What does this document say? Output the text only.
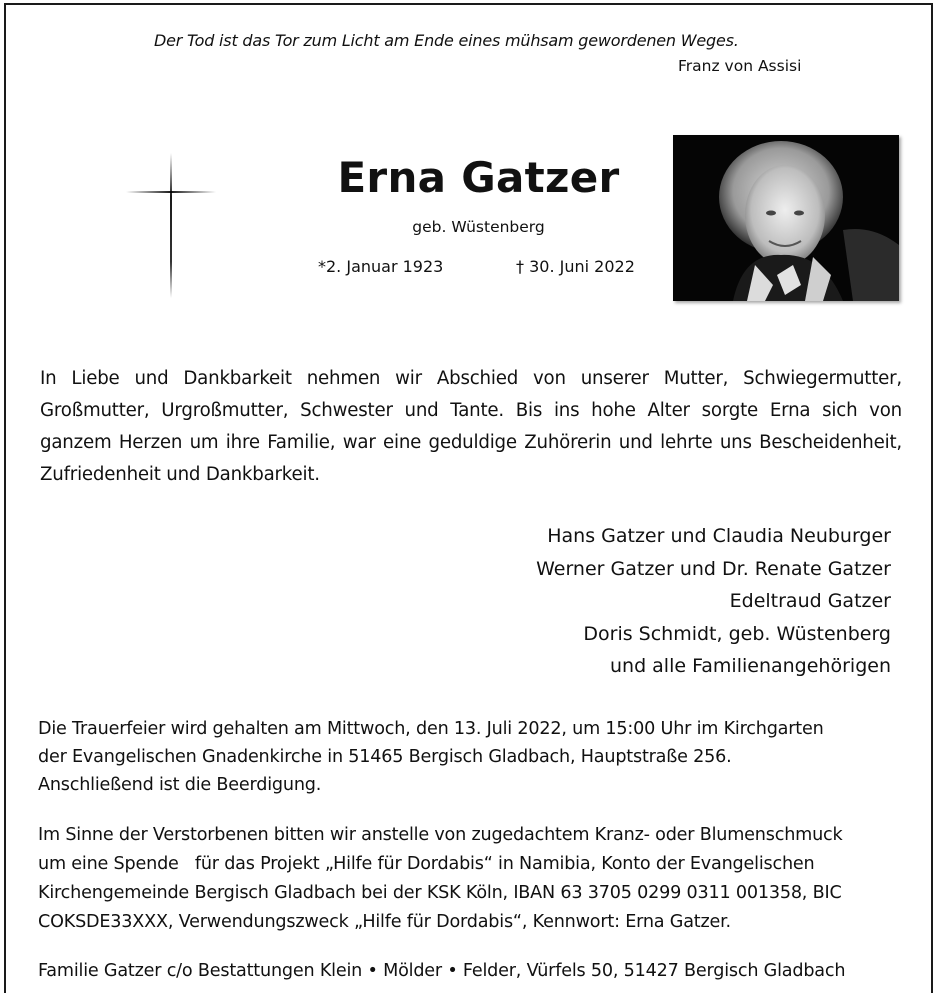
Der Tod ist das Tor zum Licht am Ende eines mühsam gewordenen Weges.
Franz von Assisi
Erna Gatzer
geb. Wüstenberg
*2. Januar 1923	† 30. Juni 2022
In Liebe und Dankbarkeit nehmen wir Abschied von unserer Mutter, Schwiegermutter, Großmutter, Urgroßmutter, Schwester und Tante. Bis ins hohe Alter sorgte Erna sich von ganzem Herzen um ihre Familie, war eine geduldige Zuhörerin und lehrte uns Bescheidenheit, Zufriedenheit und Dankbarkeit.
Hans Gatzer und Claudia Neuburger
Werner Gatzer und Dr. Renate Gatzer
Edeltraud Gatzer
Doris Schmidt, geb. Wüstenberg
und alle Familienangehörigen
Die Trauerfeier wird gehalten am Mittwoch, den 13. Juli 2022, um 15:00 Uhr im Kirchgarten
der Evangelischen Gnadenkirche in 51465 Bergisch Gladbach, Hauptstraße 256.
Anschließend ist die Beerdigung.
Im Sinne der Verstorbenen bitten wir anstelle von zugedachtem Kranz- oder Blumenschmuck
um eine Spende   für das Projekt „Hilfe für Dordabis“ in Namibia, Konto der Evangelischen
Kirchengemeinde Bergisch Gladbach bei der KSK Köln, IBAN 63 3705 0299 0311 001358, BIC
COKSDE33XXX, Verwendungszweck „Hilfe für Dordabis“, Kennwort: Erna Gatzer.
Familie Gatzer c/o Bestattungen Klein • Mölder • Felder, Vürfels 50, 51427 Bergisch Gladbach
